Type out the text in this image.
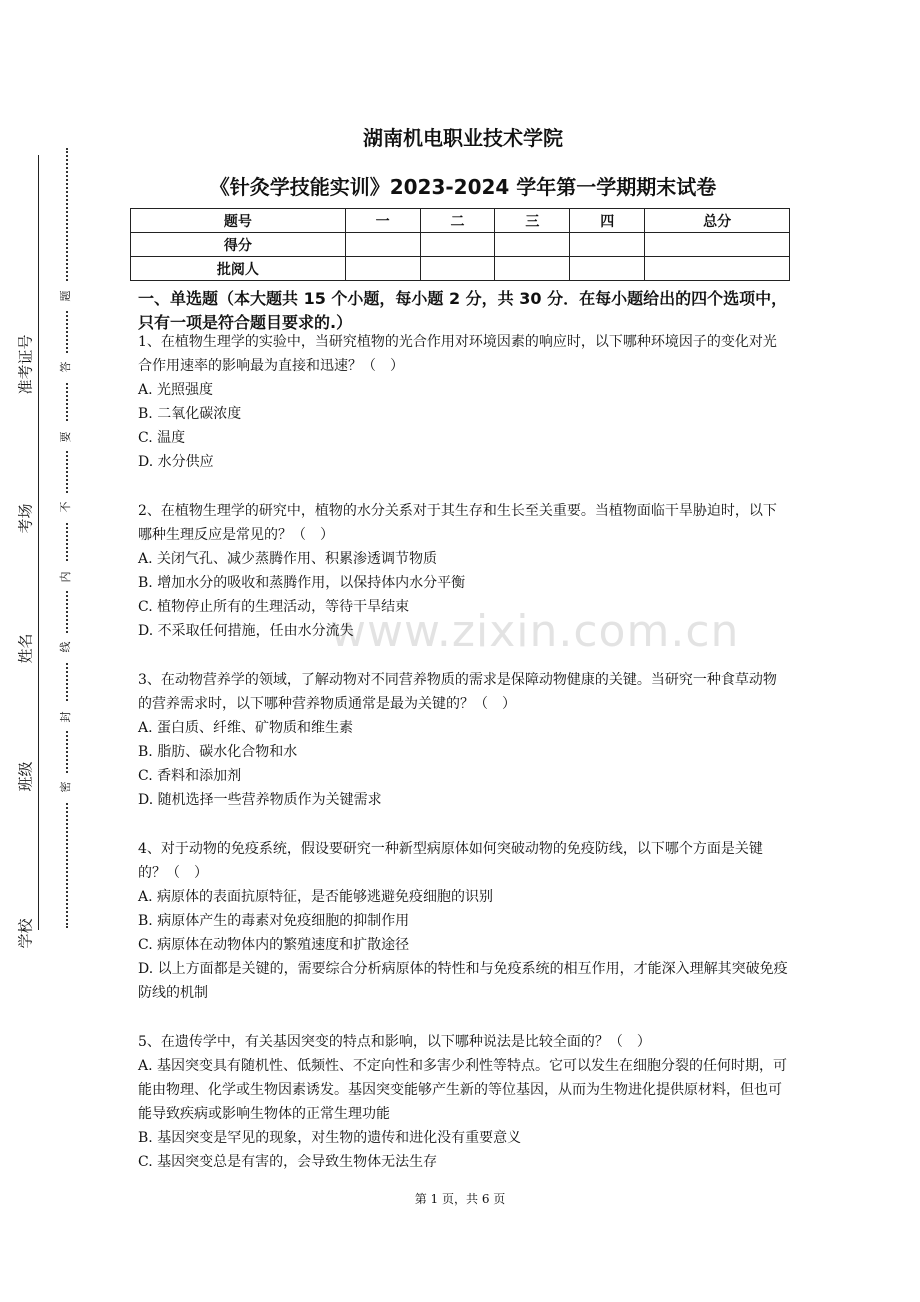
准考证号
考场
姓名
班级
学校
题
答
要
不
内
线
封
密
www.zixin.com.cn
湖南机电职业技术学院
《针灸学技能实训》2023-2024 学年第一学期期末试卷
题号	一	二	三	四	总分
得分					
批阅人					
一、单选题（本大题共 15 个小题，每小题 2 分，共 30 分．在每小题给出的四个选项中，只有一项是符合题目要求的.）

1、在植物生理学的实验中，当研究植物的光合作用对环境因素的响应时，以下哪种环境因子的变化对光合作用速率的影响最为直接和迅速？（　）

A. 光照强度

B. 二氧化碳浓度

C. 温度

D. 水分供应

2、在植物生理学的研究中，植物的水分关系对于其生存和生长至关重要。当植物面临干旱胁迫时，以下哪种生理反应是常见的？（　）

A. 关闭气孔、减少蒸腾作用、积累渗透调节物质

B. 增加水分的吸收和蒸腾作用，以保持体内水分平衡

C. 植物停止所有的生理活动，等待干旱结束

D. 不采取任何措施，任由水分流失

3、在动物营养学的领域，了解动物对不同营养物质的需求是保障动物健康的关键。当研究一种食草动物的营养需求时，以下哪种营养物质通常是最为关键的？（　）

A. 蛋白质、纤维、矿物质和维生素

B. 脂肪、碳水化合物和水

C. 香料和添加剂

D. 随机选择一些营养物质作为关键需求

4、对于动物的免疫系统，假设要研究一种新型病原体如何突破动物的免疫防线，以下哪个方面是关键的？（　）

A. 病原体的表面抗原特征，是否能够逃避免疫细胞的识别

B. 病原体产生的毒素对免疫细胞的抑制作用

C. 病原体在动物体内的繁殖速度和扩散途径

D. 以上方面都是关键的，需要综合分析病原体的特性和与免疫系统的相互作用，才能深入理解其突破免疫防线的机制

5、在遗传学中，有关基因突变的特点和影响，以下哪种说法是比较全面的？（　）

A. 基因突变具有随机性、低频性、不定向性和多害少利性等特点。它可以发生在细胞分裂的任何时期，可能由物理、化学或生物因素诱发。基因突变能够产生新的等位基因，从而为生物进化提供原材料，但也可能导致疾病或影响生物体的正常生理功能

B. 基因突变是罕见的现象，对生物的遗传和进化没有重要意义

C. 基因突变总是有害的，会导致生物体无法生存

第 1 页，共 6 页
